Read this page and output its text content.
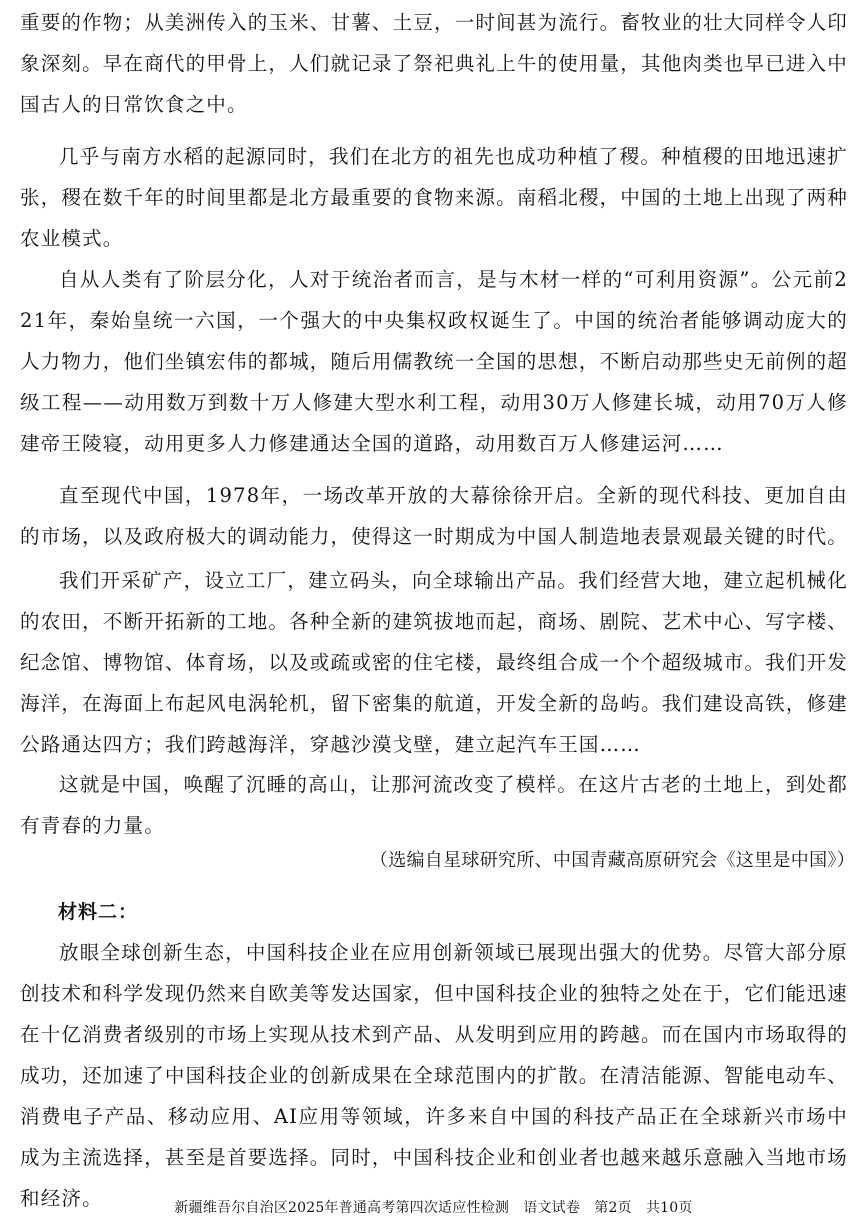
重要的作物；从美洲传入的玉米、甘薯、土豆，一时间甚为流行。畜牧业的壮大同样令人印象深刻。早在商代的甲骨上，人们就记录了祭祀典礼上牛的使用量，其他肉类也早已进入中国古人的日常饮食之中。

几乎与南方水稻的起源同时，我们在北方的祖先也成功种植了稷。种植稷的田地迅速扩张，稷在数千年的时间里都是北方最重要的食物来源。南稻北稷，中国的土地上出现了两种农业模式。

自从人类有了阶层分化，人对于统治者而言，是与木材一样的“可利用资源”。公元前221年，秦始皇统一六国，一个强大的中央集权政权诞生了。中国的统治者能够调动庞大的人力物力，他们坐镇宏伟的都城，随后用儒教统一全国的思想，不断启动那些史无前例的超级工程——动用数万到数十万人修建大型水利工程，动用30万人修建长城，动用70万人修建帝王陵寝，动用更多人力修建通达全国的道路，动用数百万人修建运河……

直至现代中国，1978年，一场改革开放的大幕徐徐开启。全新的现代科技、更加自由的市场，以及政府极大的调动能力，使得这一时期成为中国人制造地表景观最关键的时代。

我们开采矿产，设立工厂，建立码头，向全球输出产品。我们经营大地，建立起机械化的农田，不断开拓新的工地。各种全新的建筑拔地而起，商场、剧院、艺术中心、写字楼、纪念馆、博物馆、体育场，以及或疏或密的住宅楼，最终组合成一个个超级城市。我们开发海洋，在海面上布起风电涡轮机，留下密集的航道，开发全新的岛屿。我们建设高铁，修建公路通达四方；我们跨越海洋，穿越沙漠戈壁，建立起汽车王国……

这就是中国，唤醒了沉睡的高山，让那河流改变了模样。在这片古老的土地上，到处都有青春的力量。

（选编自星球研究所、中国青藏高原研究会《这里是中国》）

材料二：

放眼全球创新生态，中国科技企业在应用创新领域已展现出强大的优势。尽管大部分原创技术和科学发现仍然来自欧美等发达国家，但中国科技企业的独特之处在于，它们能迅速在十亿消费者级别的市场上实现从技术到产品、从发明到应用的跨越。而在国内市场取得的成功，还加速了中国科技企业的创新成果在全球范围内的扩散。在清洁能源、智能电动车、消费电子产品、移动应用、AI应用等领域，许多来自中国的科技产品正在全球新兴市场中成为主流选择，甚至是首要选择。同时，中国科技企业和创业者也越来越乐意融入当地市场和经济。	新疆维吾尔自治区2025年普通高考第四次适应性检测　语文试卷　第2页　共10页
